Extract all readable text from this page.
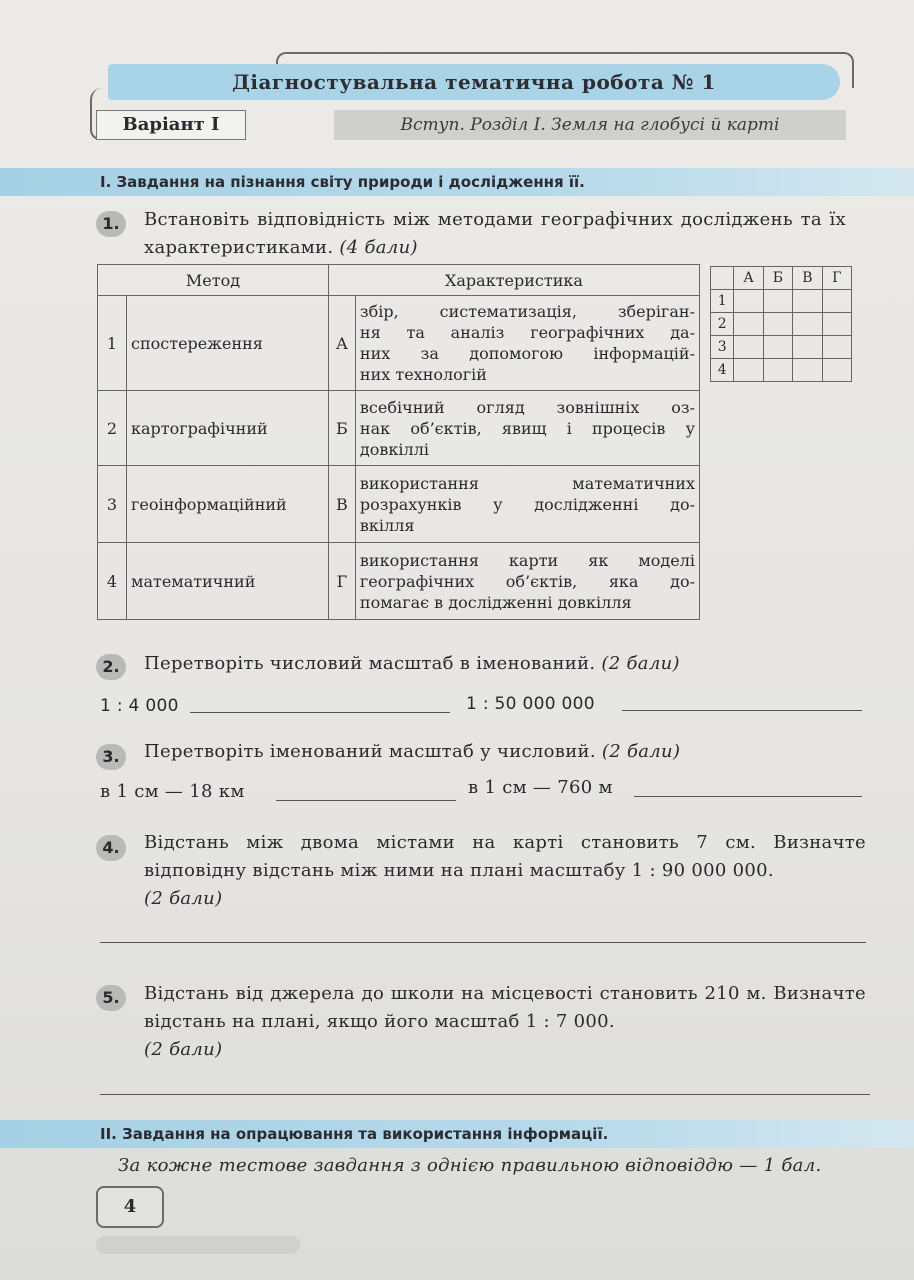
Діагностувальна тематична робота № 1
Варіант І	Вступ. Розділ І. Земля на глобусі й карті
І. Завдання на пізнання світу природи і дослідження її.
1.	Встановіть відповідність між методами географічних досліджень та їх характеристиками. (4 бали)
Метод		Характеристика	
1	спостереження	А	збір, систематизація, зберіган-
ня та аналіз географічних да-
них за допомогою інформацій-
них технологій

2	картографічний	Б	всебічний огляд зовнішніх оз-
нак об’єктів, явищ і процесів у
довкіллі

3	геоінформаційний	В	використання математичних
розрахунків у дослідженні до-
вкілля

4	математичний	Г	використання карти як моделі
географічних об’єктів, яка до-
помагає в дослідженні довкілля
	А	Б	В	Г
1				
2				
3				
4				
2.	Перетворіть числовий масштаб в іменований. (2 бали)
1 : 4 000	1 : 50 000 000
3.	Перетворіть іменований масштаб у числовий. (2 бали)
в 1 см — 18 км	в 1 см — 760 м
4.	Відстань між двома містами на карті становить 7 см. Визначте відповідну відстань між ними на плані масштабу 1 : 90 000 000.
(2 бали)
5.	Відстань від джерела до школи на місцевості становить 210 м. Визначте відстань на плані, якщо його масштаб 1 : 7 000.
(2 бали)
ІІ. Завдання на опрацювання та використання інформації.
За кожне тестове завдання з однією правильною відповіддю — 1 бал.
4
